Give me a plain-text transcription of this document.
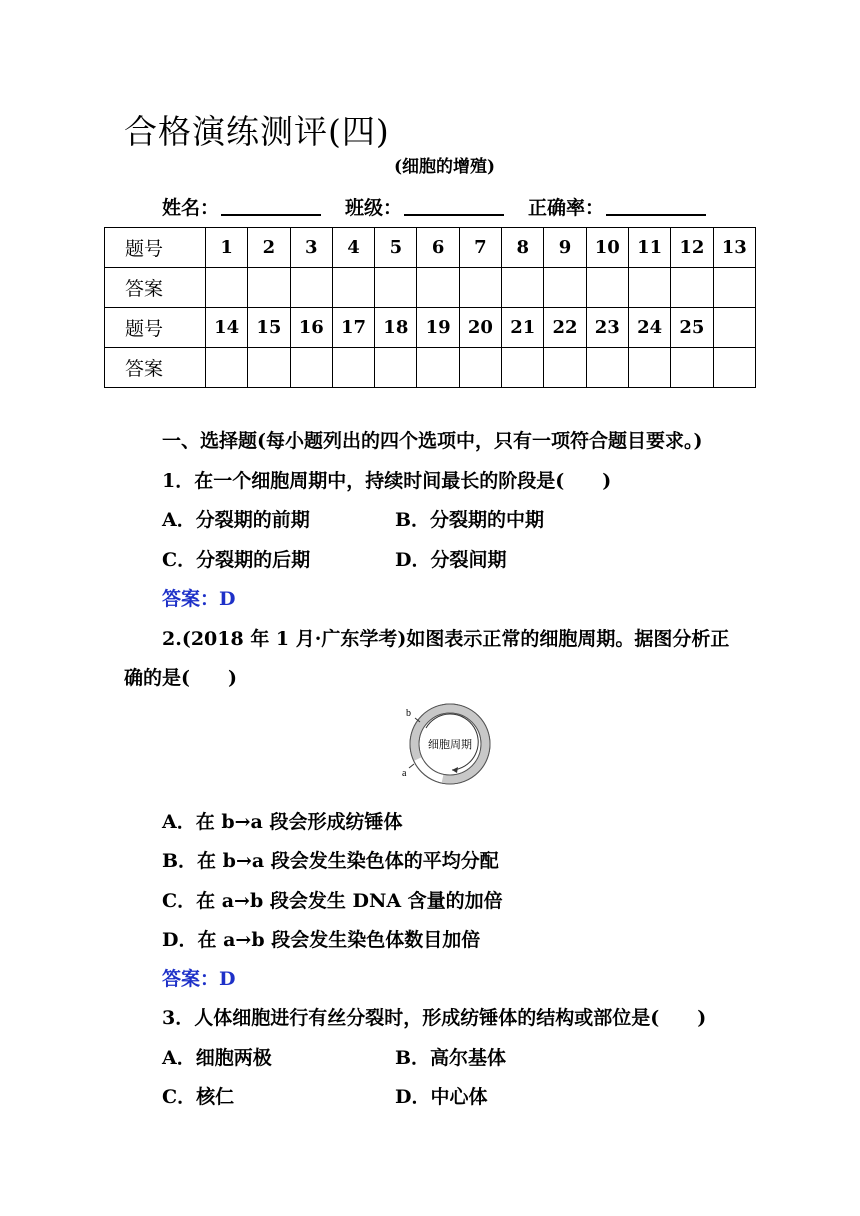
合格演练测评(四)
(细胞的增殖)
姓名：	班级：	正确率：
题号	1	2	3	4	5	6	7	8	9	10	11	12	13
答案													
题号	14	15	16	17	18	19	20	21	22	23	24	25	
答案													
一、选择题(每小题列出的四个选项中，只有一项符合题目要求。)
1．在一个细胞周期中，持续时间最长的阶段是(　　)
A．分裂期的前期	B．分裂期的中期
C．分裂期的后期	D．分裂间期
答案：D
2.(2018 年 1 月·广东学考)如图表示正常的细胞周期。据图分析正
确的是(　　)
b
a
细胞周期
A．在 b→a 段会形成纺锤体
B．在 b→a 段会发生染色体的平均分配
C．在 a→b 段会发生 DNA 含量的加倍
D．在 a→b 段会发生染色体数目加倍
答案：D
3．人体细胞进行有丝分裂时，形成纺锤体的结构或部位是(　　)
A．细胞两极	B．高尔基体
C．核仁	D．中心体
